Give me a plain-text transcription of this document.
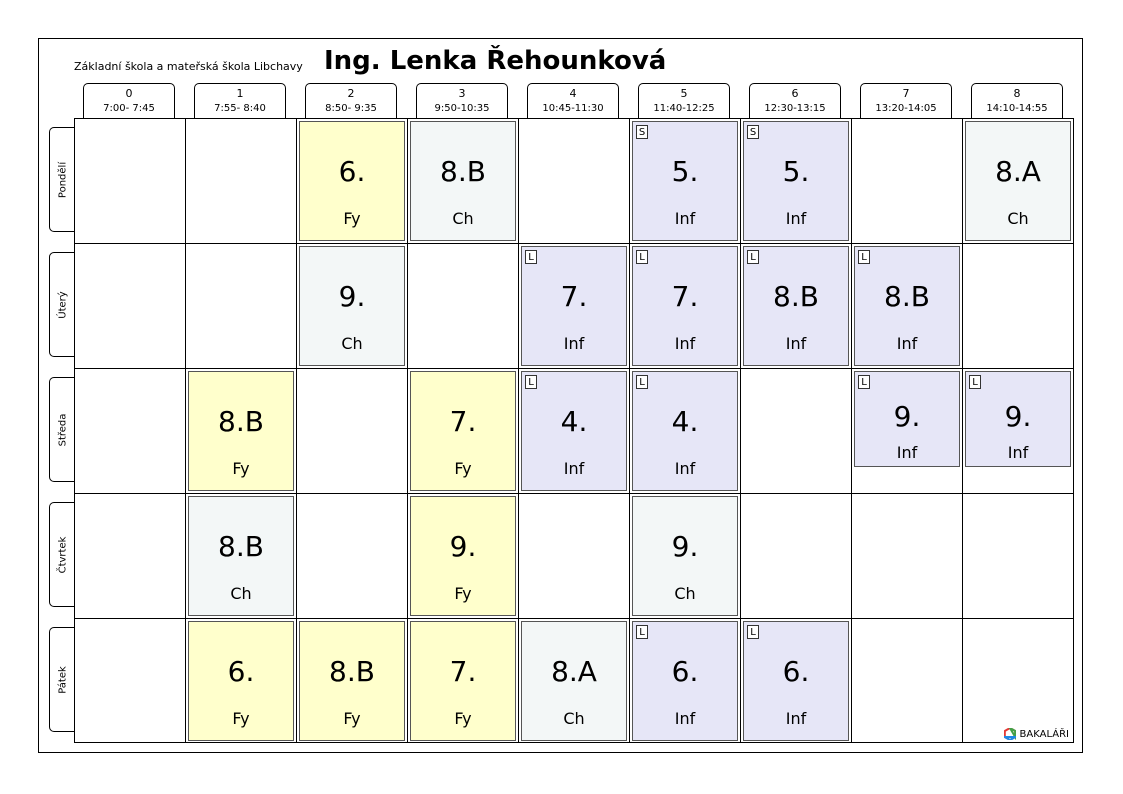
Základní škola a mateřská škola Libchavy Ing. Lenka Řehounková
0
7:00- 7:45
1
7:55- 8:40
2
8:50- 9:35
3
9:50-10:35
4
10:45-11:30
5
11:40-12:25
6
12:30-13:15
7
13:20-14:05
8
14:10-14:55
Pondělí
Úterý
Středa
Čtvrtek
Pátek
6.
Fy
8.B
Ch
S
5.
Inf
S
5.
Inf
8.A
Ch
9.
Ch
L
7.
Inf
L
7.
Inf
L
8.B
Inf
L
8.B
Inf
8.B
Fy
7.
Fy
L
4.
Inf
L
4.
Inf
L
9.
Inf
L
9.
Inf
8.B
Ch
9.
Fy
9.
Ch
6.
Fy
8.B
Fy
7.
Fy
8.A
Ch
L
6.
Inf
L
6.
Inf
BAKALÁŘI
